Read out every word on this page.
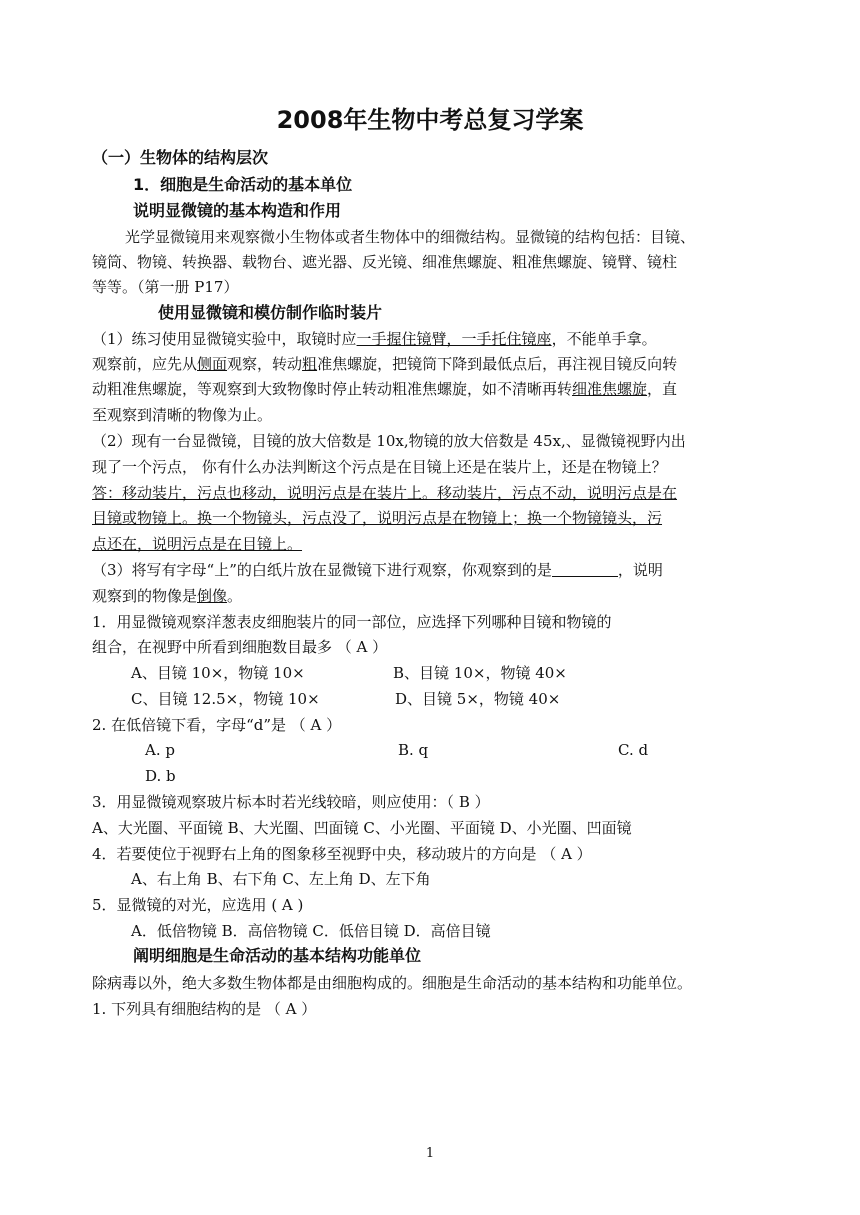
2008年生物中考总复习学案
（一）生物体的结构层次
1．细胞是生命活动的基本单位
说明显微镜的基本构造和作用
光学显微镜用来观察微小生物体或者生物体中的细微结构。显微镜的结构包括：目镜、
镜筒、物镜、转换器、载物台、遮光器、反光镜、细准焦螺旋、粗准焦螺旋、镜臂、镜柱
等等。（第一册 P17）
使用显微镜和模仿制作临时装片
（1）练习使用显微镜实验中，取镜时应一手握住镜臂，一手托住镜座，不能单手拿。
观察前，应先从侧面观察，转动粗准焦螺旋，把镜筒下降到最低点后，再注视目镜反向转
动粗准焦螺旋，等观察到大致物像时停止转动粗准焦螺旋，如不清晰再转细准焦螺旋，直
至观察到清晰的物像为止。
（2）现有一台显微镜，目镜的放大倍数是 10x,物镜的放大倍数是 45x,、显微镜视野内出
现了一个污点， 你有什么办法判断这个污点是在目镜上还是在装片上，还是在物镜上？
答：移动装片，污点也移动，说明污点是在装片上。移动装片，污点不动，说明污点是在
目镜或物镜上。换一个物镜头，污点没了，说明污点是在物镜上；换一个物镜镜头，污
点还在，说明污点是在目镜上。
（3）将写有字母“上”的白纸片放在显微镜下进行观察，你观察到的是	，说明
观察到的物像是倒像。
1．用显微镜观察洋葱表皮细胞装片的同一部位，应选择下列哪种目镜和物镜的
组合，在视野中所看到细胞数目最多 （ A ）
A、目镜 10×，物镜 10×	B、目镜 10×，物镜 40×
C、目镜 12.5×，物镜 10×	D、目镜 5×，物镜 40×
2. 在低倍镜下看，字母“d”是 （ A ）
A. p	B. q	C. d
D. b
3．用显微镜观察玻片标本时若光线较暗，则应使用：（ B ）
A、大光圈、平面镜 B、大光圈、凹面镜 C、小光圈、平面镜 D、小光圈、凹面镜
4．若要使位于视野右上角的图象移至视野中央，移动玻片的方向是 （ A ）
A、右上角 B、右下角 C、左上角 D、左下角
5．显微镜的对光，应选用 ( A )
A．低倍物镜 B．高倍物镜 C．低倍目镜 D．高倍目镜
阐明细胞是生命活动的基本结构功能单位
除病毒以外，绝大多数生物体都是由细胞构成的。细胞是生命活动的基本结构和功能单位。
1. 下列具有细胞结构的是 （ A ）
1
